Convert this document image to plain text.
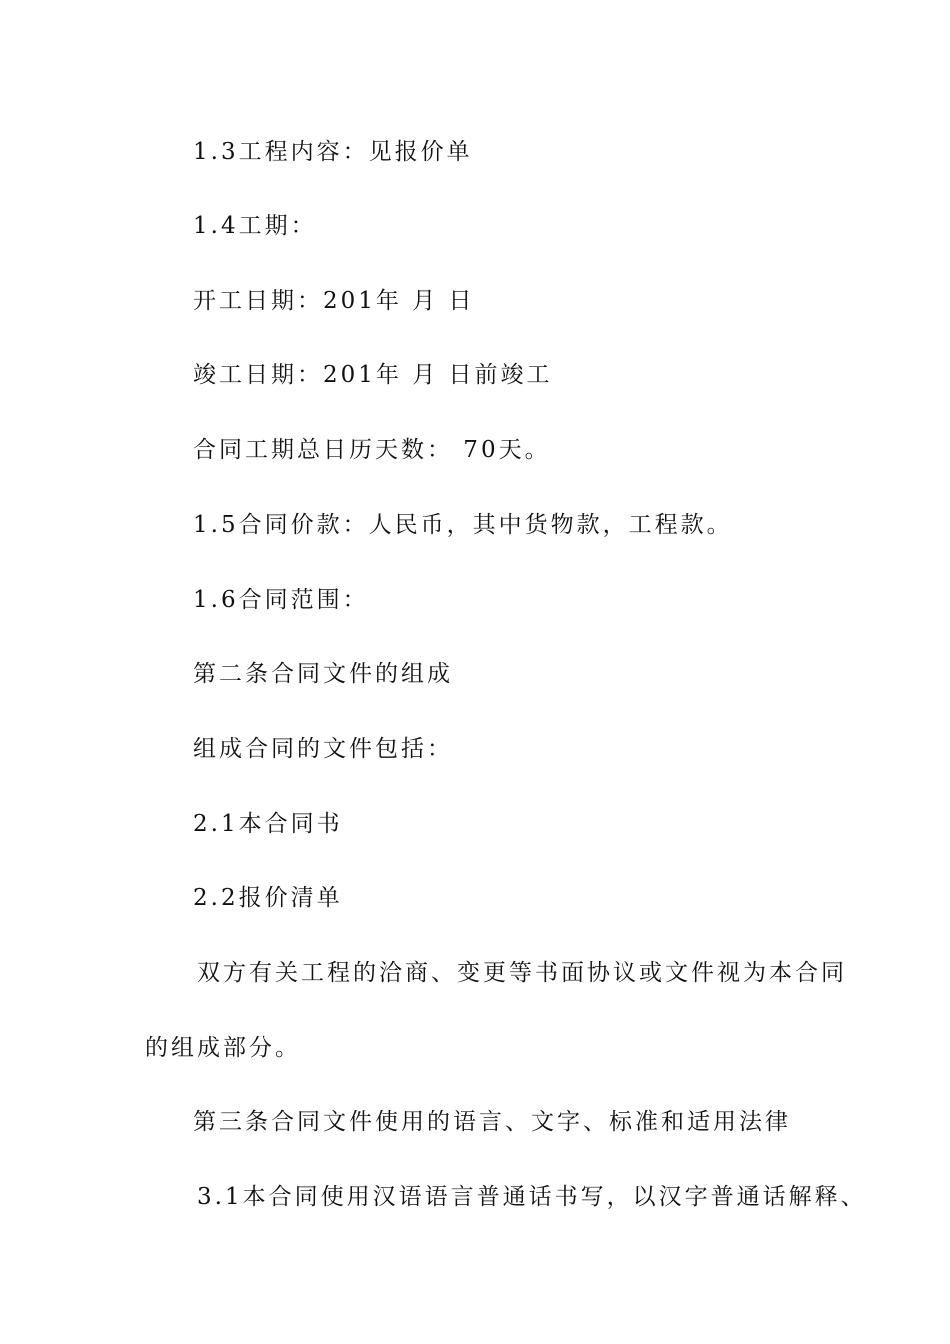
1.3工程内容：见报价单

1.4工期：

开工日期：201年 月 日

竣工日期：201年 月 日前竣工

合同工期总日历天数： 70天。

1.5合同价款：人民币，其中货物款，工程款。

1.6合同范围：

第二条合同文件的组成

组成合同的文件包括：

2.1本合同书

2.2报价清单

双方有关工程的洽商、变更等书面协议或文件视为本合同

的组成部分。

第三条合同文件使用的语言、文字、标准和适用法律

3.1本合同使用汉语语言普通话书写，以汉字普通话解释、
